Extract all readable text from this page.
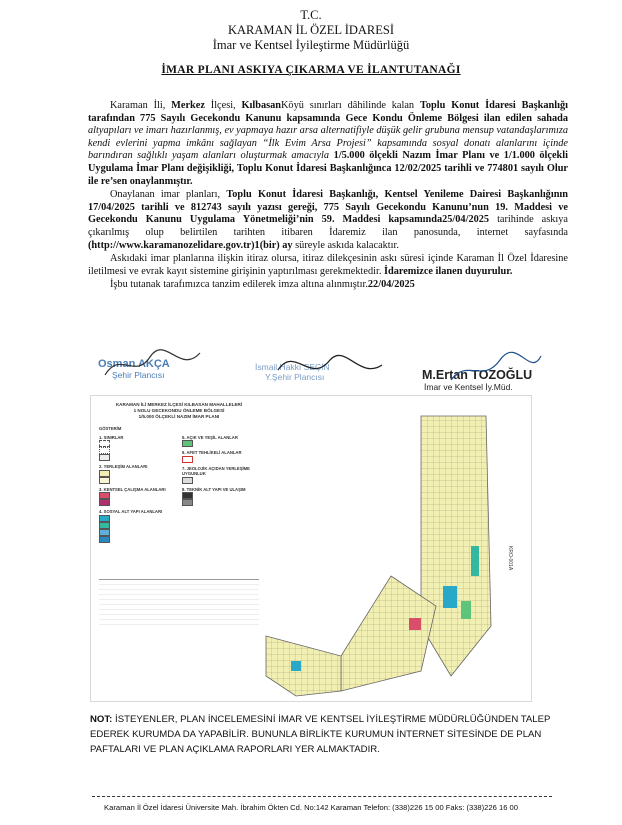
T.C.
KARAMAN İL ÖZEL İDARESİ
İmar ve Kentsel İyileştirme Müdürlüğü
İMAR PLANI ASKIYA ÇIKARMA VE İLANTUTANAĞI

Karaman İli, Merkez İlçesi, KılbasanKöyü sınırları dâhilinde kalan Toplu Konut İdaresi Başkanlığı tarafından 775 Sayılı Gecekondu Kanunu kapsamında Gece Kondu Önleme Bölgesi ilan edilen sahada altyapıları ve imarı hazırlanmış, ev yapmaya hazır arsa alternatifiyle düşük gelir grubuna mensup vatandaşlarımıza kendi evlerini yapma imkânı sağlayan “İlk Evim Arsa Projesi” kapsamında sosyal donatı alanlarını içinde barındıran sağlıklı yaşam alanları oluşturmak amacıyla 1/5.000 ölçekli Nazım İmar Planı ve 1/1.000 ölçekli Uygulama İmar Planı değişikliği, Toplu Konut İdaresi Başkanlığınca 12/02/2025 tarihli ve 774801 sayılı Olur ile re’sen onaylanmıştır.

Onaylanan imar planları, Toplu Konut İdaresi Başkanlığı, Kentsel Yenileme Dairesi Başkanlığının 17/04/2025 tarihli ve 812743 sayılı yazısı gereği, 775 Sayılı Gecekondu Kanunu’nun 19. Maddesi ve Gecekondu Kanunu Uygulama Yönetmeliği’nin 59. Maddesi kapsamında25/04/2025 tarihinde askıya çıkarılmış olup belirtilen tarihten itibaren İdaremiz ilan panosunda, internet sayfasında (http://www.karamanozelidare.gov.tr)1(bir) ay süreyle askıda kalacaktır.

Askıdaki imar planlarına ilişkin itiraz olursa, itiraz dilekçesinin askı süresi içinde Karaman İl Özel İdaresine iletilmesi ve evrak kayıt sistemine girişinin yaptırılması gerekmektedir. İdaremizce ilanen duyurulur.

İşbu tutanak tarafımızca tanzim edilerek imza altına alınmıştır.22/04/2025

Osman AKÇA
Şehir Plancısı
İsmail Hakkı SEÇİN
Y.Şehir Plancısı	M.Ertan TOZOĞLU
İmar ve Kentsel İy.Müd.
KARAMAN İLİ MERKEZ İLÇESİ KILBASAN MAHALLELERİ
1 NOLU GECEKONDU ÖNLEME BÖLGESİ
1/5.000 ÖLÇEKLİ NAZIM İMAR PLANI
GÖSTERİM
1. SINIRLAR
2. YERLEŞİM ALANLARI
3. KENTSEL ÇALIŞMA ALANLARI
4. SOSYAL ALT YAPI ALANLARI
5. AÇIK VE YEŞİL ALANLAR
6. AFET TEHLİKELİ ALANLAR
7. JEOLOJİK AÇIDAN YERLEŞİME UYGUNLUK
8. TEKNİK ALT YAPI VE ULAŞIM
KRO-001A
NOT: İSTEYENLER, PLAN İNCELEMESİNİ İMAR VE KENTSEL İYİLEŞTİRME MÜDÜRLÜĞÜNDEN TALEP EDEREK KURUMDA DA YAPABİLİR. BUNUNLA BİRLİKTE KURUMUN İNTERNET SİTESİNDE DE PLAN PAFTALARI VE PLAN AÇIKLAMA RAPORLARI YER ALMAKTADIR.
Karaman İl Özel İdaresi Üniversite Mah. İbrahim Ökten Cd. No:142 Karaman Telefon: (338)226 15 00 Faks: (338)226 16 00
